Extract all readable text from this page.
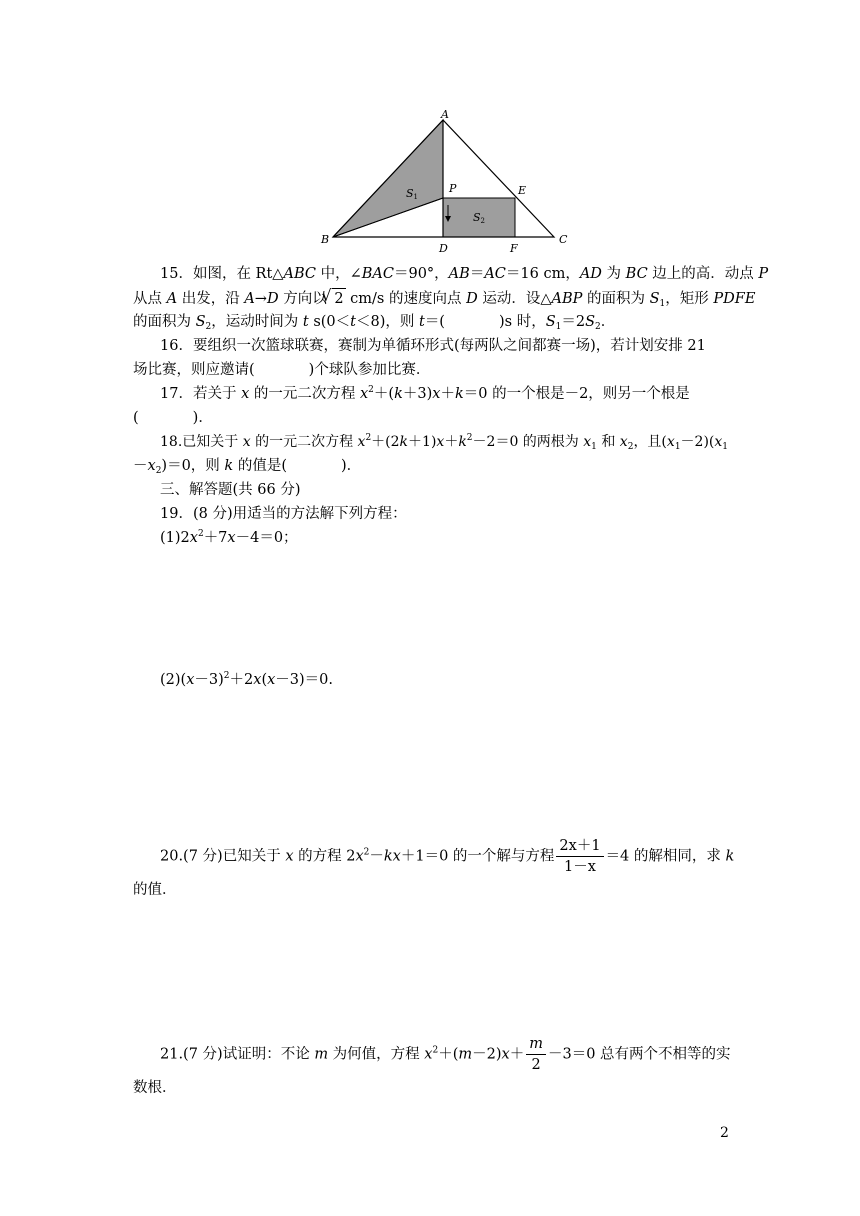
A
B	C
D
E
F
P
S1
S2
15．如图，在 Rt△ABC 中，∠BAC＝90°，AB＝AC＝16 cm，AD 为 BC 边上的高．动点 P
从点 A 出发，沿 A→D 方向以 √ 2 cm/s 的速度向点 D 运动．设△ABP 的面积为 $S_1$，矩形 PDFE
的面积为 $S_2$，运动时间为 t s(0＜t＜8)，则 t＝(	)s 时，$S_1=2S_2$．
16．要组织一次篮球联赛，赛制为单循环形式(每两队之间都赛一场)，若计划安排 21
场比赛，则应邀请(	)个球队参加比赛．
17．若关于 x 的一元二次方程 $x^2+(k+3)x+k=0$ 的一个根是－2，则另一个根是
(	)．
18.已知关于 x 的一元二次方程 $x^2+(2k+1)x+k^2-2=0$ 的两根为 $x_1$ 和 $x_2$，且$(x_1-2)(x_1$
$-x_2)=0$，则 k 的值是(	)．
三、解答题(共 66 分)
19．(8 分)用适当的方法解下列方程：
$(1)2x^2+7x-4=0$；
$(2)(x-3)^2+2x(x-3)=0$.
20.(7 分)已知关于 x 的方程 $2x^2-kx+1=0$ 的一个解与方程 $\frac{2x+1}{1-x} =4$ 的解相同，求 k
的值．
21.(7 分)试证明：不论 m 为何值，方程 $x^2+(m-2)x+ \frac{m}{2} -3=0$ 总有两个不相等的实
数根．
2
